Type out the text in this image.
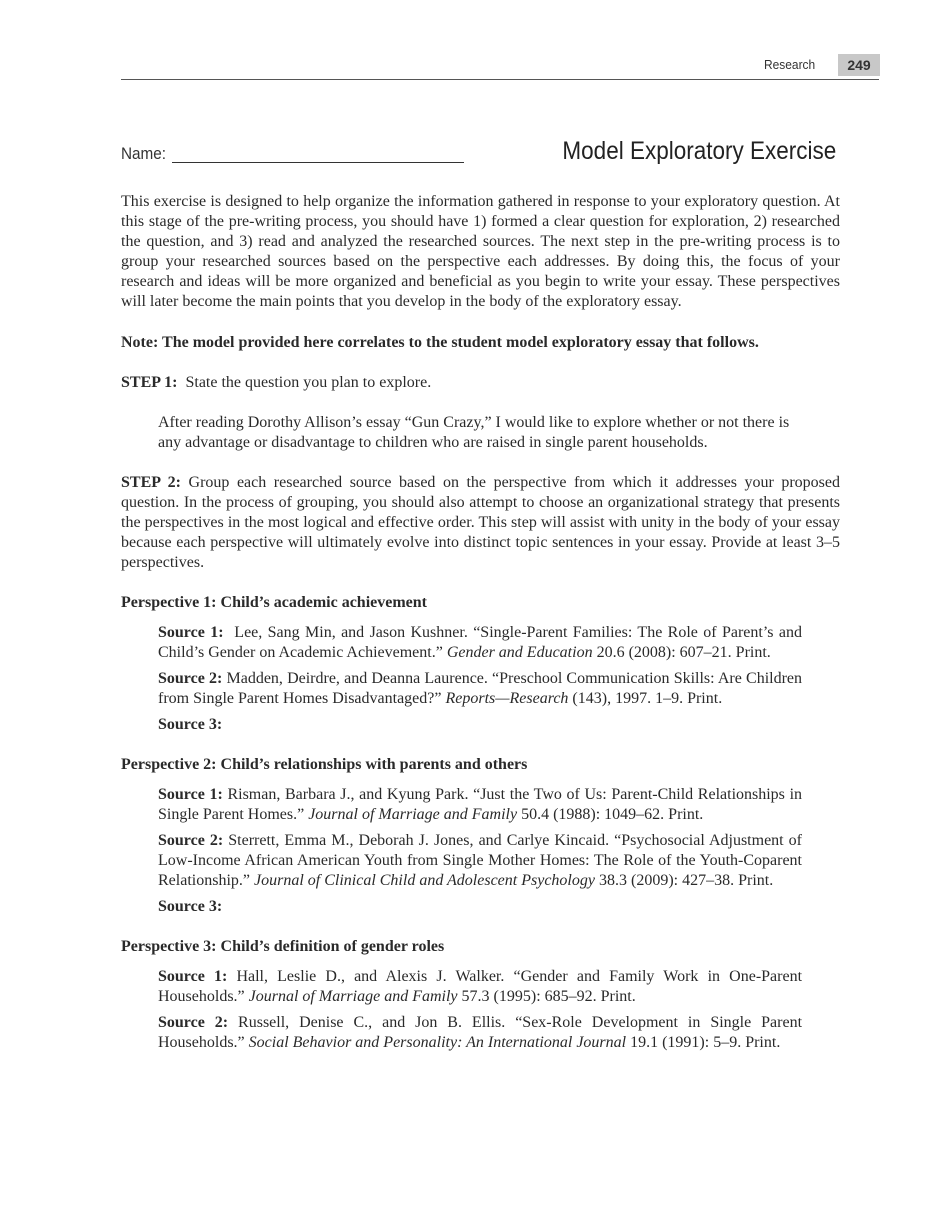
Research	249
Name:	Model Exploratory Exercise

This exercise is designed to help organize the information gathered in response to your exploratory question. At this stage of the pre-writing process, you should have 1) formed a clear question for exploration, 2) researched the question, and 3) read and analyzed the researched sources. The next step in the pre-writing process is to group your researched sources based on the perspective each addresses. By doing this, the focus of your research and ideas will be more organized and beneficial as you begin to write your essay. These perspectives will later become the main points that you develop in the body of the exploratory essay.

Note: The model provided here correlates to the student model exploratory essay that follows.

STEP 1: State the question you plan to explore.

After reading Dorothy Allison’s essay “Gun Crazy,” I would like to explore whether or not there is any advantage or disadvantage to children who are raised in single parent households.

STEP 2: Group each researched source based on the perspective from which it addresses your proposed question. In the process of grouping, you should also attempt to choose an organizational strategy that presents the perspectives in the most logical and effective order. This step will assist with unity in the body of your essay because each perspective will ultimately evolve into distinct topic sentences in your essay. Provide at least 3–5 perspectives.

Perspective 1: Child’s academic achievement

Source 1: Lee, Sang Min, and Jason Kushner. “Single-Parent Families: The Role of Parent’s and Child’s Gender on Academic Achievement.” Gender and Education 20.6 (2008): 607–21. Print.

Source 2: Madden, Deirdre, and Deanna Laurence. “Preschool Communication Skills: Are Children from Single Parent Homes Disadvantaged?” Reports—Research (143), 1997. 1–9. Print.

Source 3:

Perspective 2: Child’s relationships with parents and others

Source 1: Risman, Barbara J., and Kyung Park. “Just the Two of Us: Parent-Child Relationships in Single Parent Homes.” Journal of Marriage and Family 50.4 (1988): 1049–62. Print.

Source 2: Sterrett, Emma M., Deborah J. Jones, and Carlye Kincaid. “Psychosocial Adjustment of Low-Income African American Youth from Single Mother Homes: The Role of the Youth-Coparent Relationship.” Journal of Clinical Child and Adolescent Psychology 38.3 (2009): 427–38. Print.

Source 3:

Perspective 3: Child’s definition of gender roles

Source 1: Hall, Leslie D., and Alexis J. Walker. “Gender and Family Work in One-Parent Households.” Journal of Marriage and Family 57.3 (1995): 685–92. Print.

Source 2: Russell, Denise C., and Jon B. Ellis. “Sex-Role Development in Single Parent Households.” Social Behavior and Personality: An International Journal 19.1 (1991): 5–9. Print.
